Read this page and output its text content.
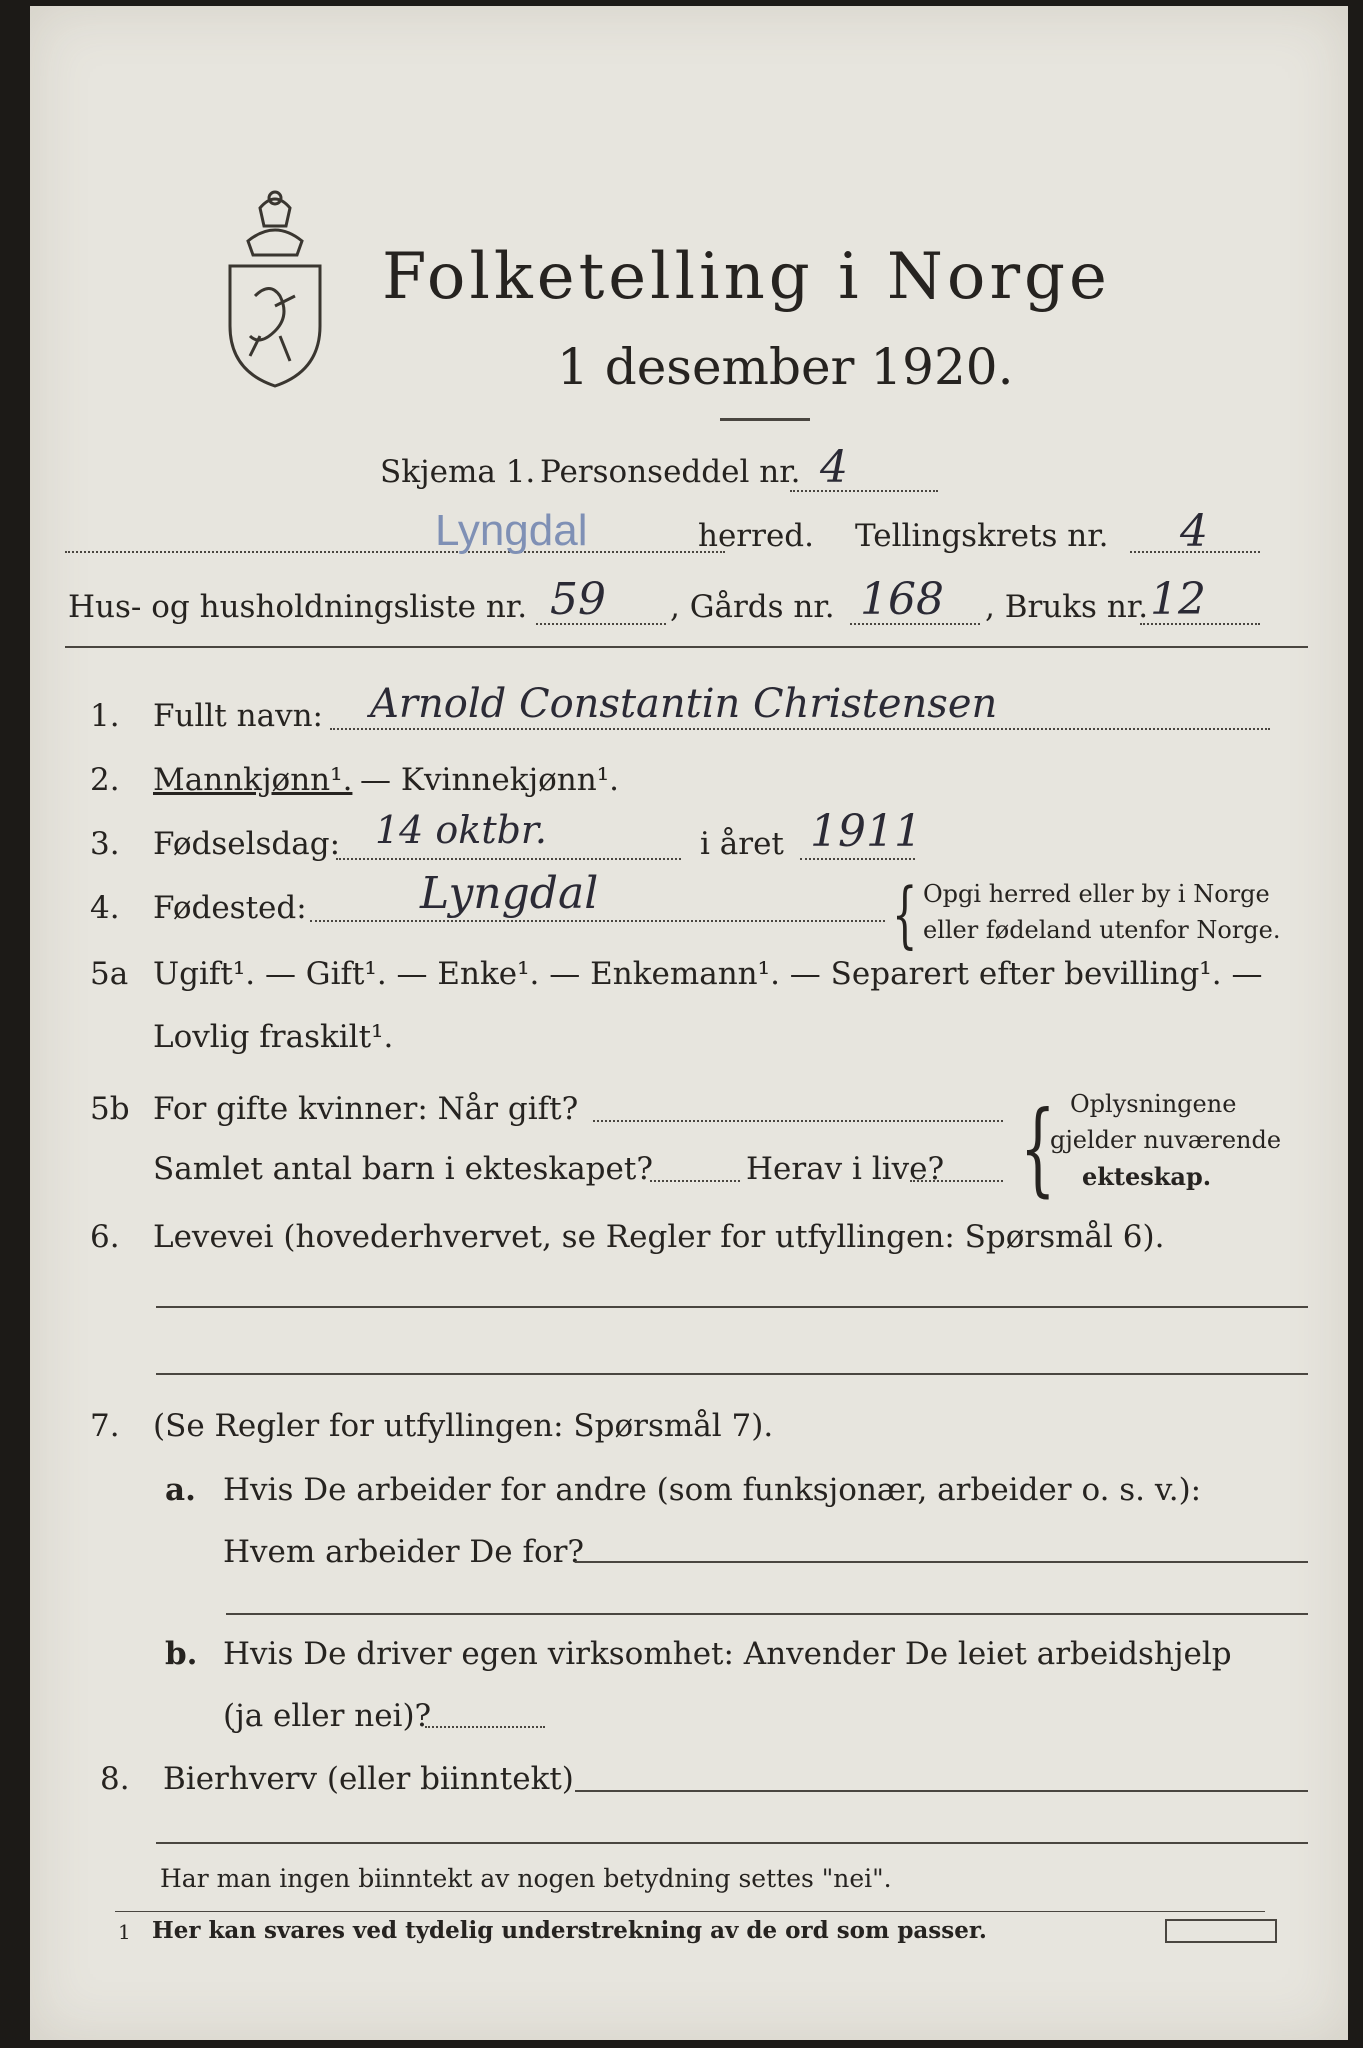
Folketelling i Norge
1 desember 1920.
Skjema 1. Personseddel nr. 4
Lyngdal	herred. Tellingskrets nr. 4
Hus- og husholdningsliste nr. 59 , Gårds nr. 168 , Bruks nr. 12
1. Fullt navn: Arnold Constantin Christensen
2. Mannkjønn¹. — Kvinnekjønn¹.
3. Fødselsdag: 14 oktbr.	i året 1911
4. Fødested:	Lyngdal	{ Opgi herred eller by i Norge
eller fødeland utenfor Norge.
5a Ugift¹. — Gift¹. — Enke¹. — Enkemann¹. — Separert efter bevilling¹. —
Lovlig fraskilt¹.
5b For gifte kvinner: Når gift?
Samlet antal barn i ekteskapet?	Herav i live? { Oplysningene
gjelder nuværende
ekteskap.
6. Levevei (hovederhvervet, se Regler for utfyllingen: Spørsmål 6).
7. (Se Regler for utfyllingen: Spørsmål 7).
a. Hvis De arbeider for andre (som funksjonær, arbeider o. s. v.):
Hvem arbeider De for?
b. Hvis De driver egen virksomhet: Anvender De leiet arbeidshjelp
(ja eller nei)?
8. Bierhverv (eller biinntekt)
Har man ingen biinntekt av nogen betydning settes "nei".
1 Her kan svares ved tydelig understrekning av de ord som passer.
